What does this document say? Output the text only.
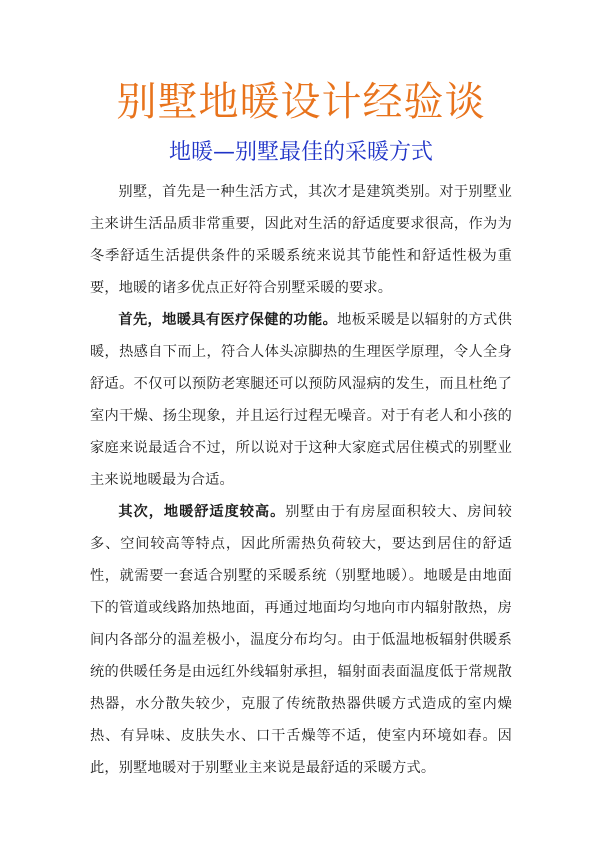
别墅地暖设计经验谈
地暖—别墅最佳的采暖方式

别墅，首先是一种生活方式，其次才是建筑类别。对于别墅业主来讲生活品质非常重要，因此对生活的舒适度要求很高，作为为冬季舒适生活提供条件的采暖系统来说其节能性和舒适性极为重要，地暖的诸多优点正好符合别墅采暖的要求。

首先，地暖具有医疗保健的功能。地板采暖是以辐射的方式供暖，热感自下而上，符合人体头凉脚热的生理医学原理，令人全身舒适。不仅可以预防老寒腿还可以预防风湿病的发生，而且杜绝了室内干燥、扬尘现象，并且运行过程无噪音。对于有老人和小孩的家庭来说最适合不过，所以说对于这种大家庭式居住模式的别墅业主来说地暖最为合适。

其次，地暖舒适度较高。别墅由于有房屋面积较大、房间较多、空间较高等特点，因此所需热负荷较大，要达到居住的舒适性，就需要一套适合别墅的采暖系统（别墅地暖）。地暖是由地面下的管道或线路加热地面，再通过地面均匀地向市内辐射散热，房间内各部分的温差极小，温度分布均匀。由于低温地板辐射供暖系统的供暖任务是由远红外线辐射承担，辐射面表面温度低于常规散热器，水分散失较少，克服了传统散热器供暖方式造成的室内燥热、有异味、皮肤失水、口干舌燥等不适，使室内环境如春。因此，别墅地暖对于别墅业主来说是最舒适的采暖方式。
